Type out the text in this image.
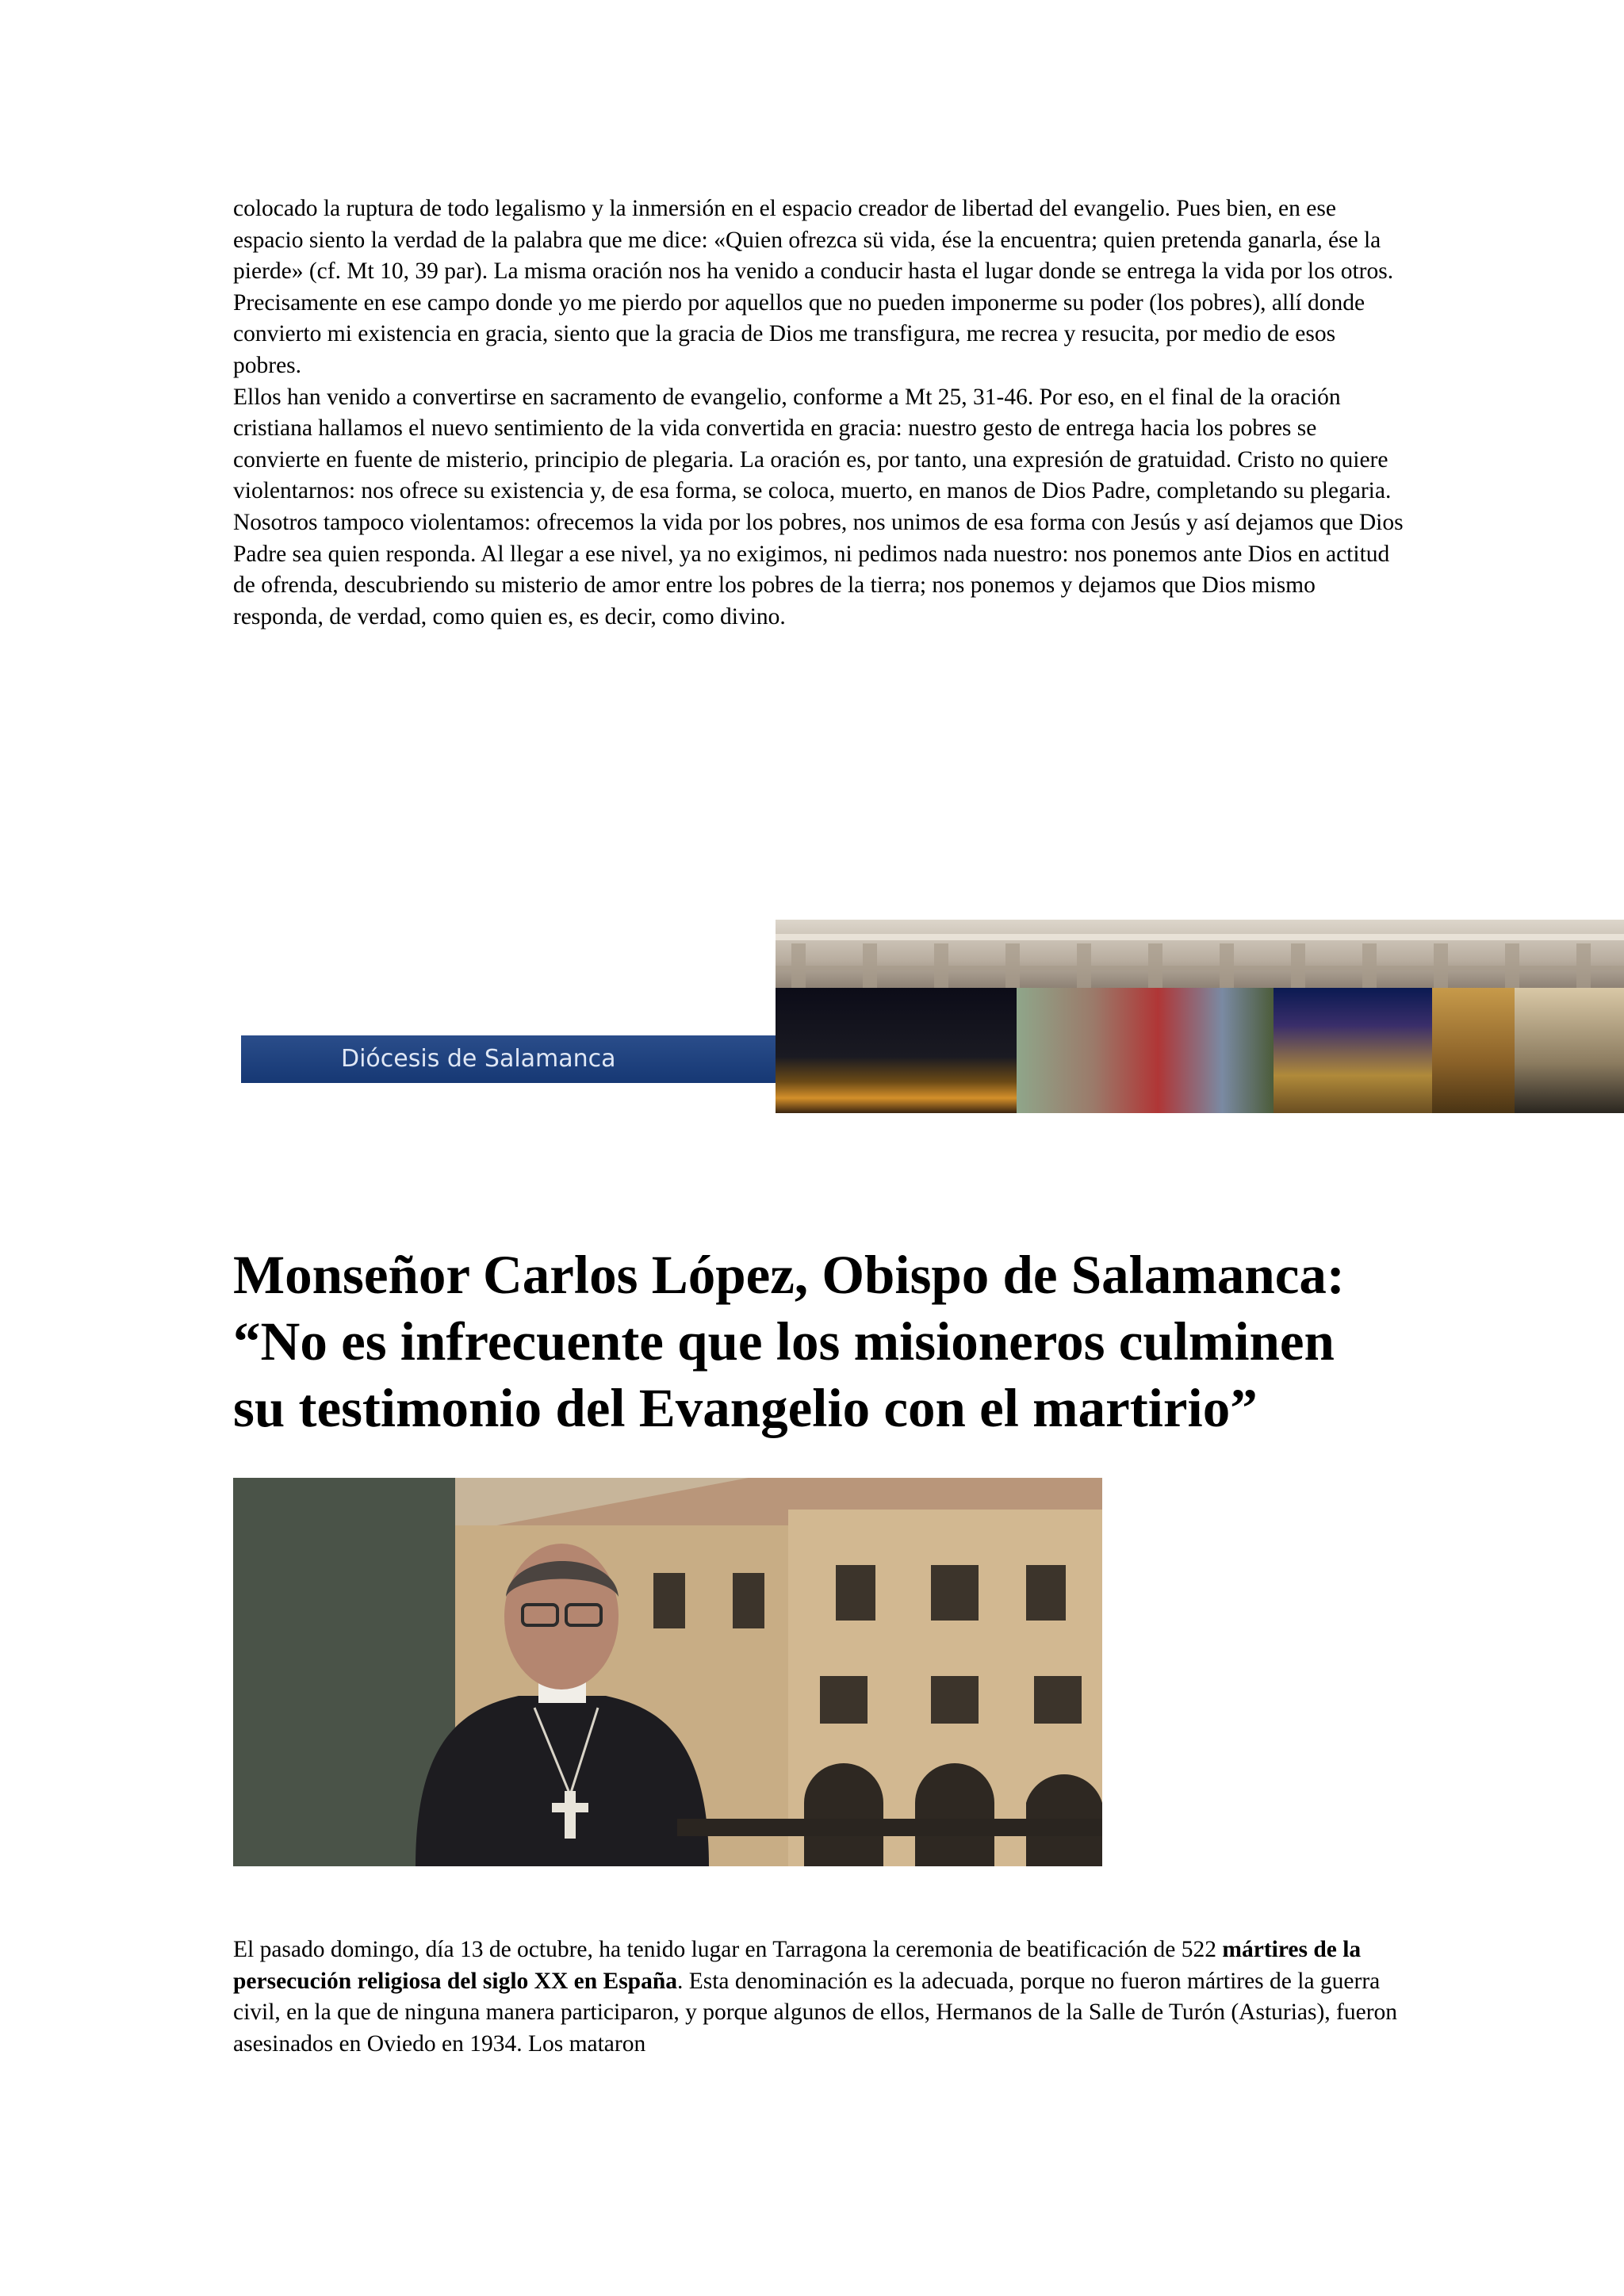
colocado la ruptura de todo legalismo y la inmersión en el espacio creador de libertad del evangelio. Pues bien, en ese espacio siento la verdad de la palabra que me dice: «Quien ofrezca sü vida, ése la encuentra; quien pretenda ganarla, ése la pierde» (cf. Mt 10, 39 par). La misma oración nos ha venido a conducir hasta el lugar donde se entrega la vida por los otros. Precisamente en ese campo donde yo me pierdo por aquellos que no pueden imponerme su poder (los pobres), allí donde convierto mi existencia en gracia, siento que la gracia de Dios me transfigura, me recrea y resucita, por medio de esos pobres.

Ellos han venido a convertirse en sacramento de evangelio, conforme a Mt 25, 31-46. Por eso, en el final de la oración cristiana hallamos el nuevo sentimiento de la vida convertida en gracia: nuestro gesto de entrega hacia los pobres se convierte en fuente de misterio, principio de plegaria. La oración es, por tanto, una expresión de gratuidad. Cristo no quiere violentarnos: nos ofrece su existencia y, de esa forma, se coloca, muerto, en manos de Dios Padre, completando su plegaria. Nosotros tampoco violentamos: ofrecemos la vida por los pobres, nos unimos de esa forma con Jesús y así dejamos que Dios Padre sea quien responda. Al llegar a ese nivel, ya no exigimos, ni pedimos nada nuestro: nos ponemos ante Dios en actitud de ofrenda, descubriendo su misterio de amor entre los pobres de la tierra; nos ponemos y dejamos que Dios mismo responda, de verdad, como quien es, es decir, como divino.

Diócesis de Salamanca
Monseñor Carlos López, Obispo de Salamanca:
“No es infrecuente que los misioneros culminen
su testimonio del Evangelio con el martirio”

El pasado domingo, día 13 de octubre, ha tenido lugar en Tarragona la ceremonia de beatificación de 522 mártires de la persecución religiosa del siglo XX en España. Esta denominación es la adecuada, porque no fueron mártires de la guerra civil, en la que de ninguna manera participaron, y porque algunos de ellos, Hermanos de la Salle de Turón (Asturias), fueron asesinados en Oviedo en 1934. Los mataron
